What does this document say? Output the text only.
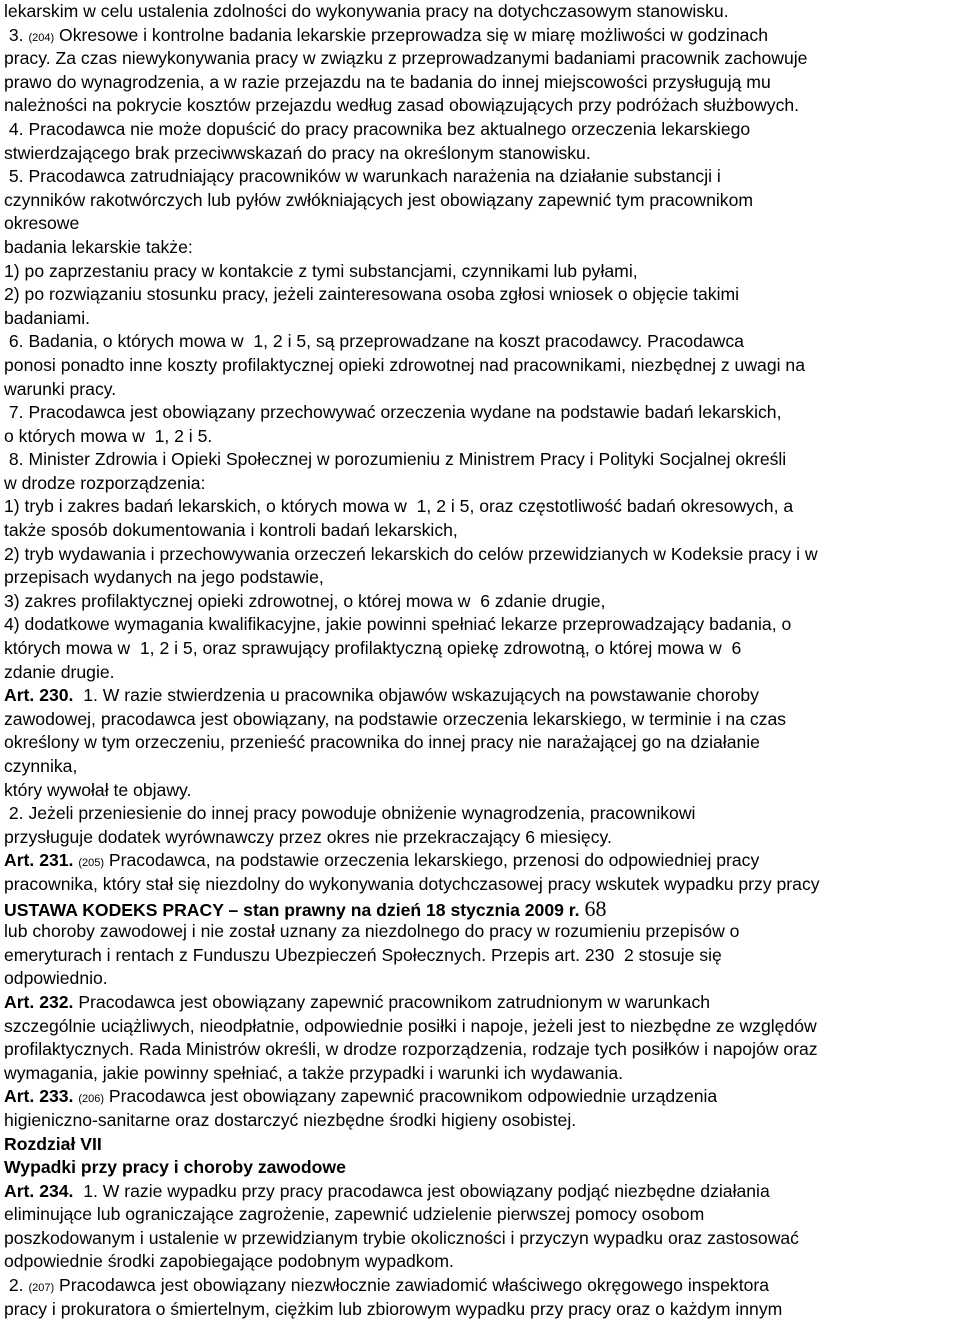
lekarskim w celu ustalenia zdolności do wykonywania pracy na dotychczasowym stanowisku.
3. (204) Okresowe i kontrolne badania lekarskie przeprowadza się w miarę możliwości w godzinach
pracy. Za czas niewykonywania pracy w związku z przeprowadzanymi badaniami pracownik zachowuje
prawo do wynagrodzenia, a w razie przejazdu na te badania do innej miejscowości przysługują mu
należności na pokrycie kosztów przejazdu według zasad obowiązujących przy podróżach służbowych.
4. Pracodawca nie może dopuścić do pracy pracownika bez aktualnego orzeczenia lekarskiego
stwierdzającego brak przeciwwskazań do pracy na określonym stanowisku.
5. Pracodawca zatrudniający pracowników w warunkach narażenia na działanie substancji i
czynników rakotwórczych lub pyłów zwłókniających jest obowiązany zapewnić tym pracownikom
okresowe
badania lekarskie także:
1) po zaprzestaniu pracy w kontakcie z tymi substancjami, czynnikami lub pyłami,
2) po rozwiązaniu stosunku pracy, jeżeli zainteresowana osoba zgłosi wniosek o objęcie takimi
badaniami.
6. Badania, o których mowa w  1, 2 i 5, są przeprowadzane na koszt pracodawcy. Pracodawca
ponosi ponadto inne koszty profilaktycznej opieki zdrowotnej nad pracownikami, niezbędnej z uwagi na
warunki pracy.
7. Pracodawca jest obowiązany przechowywać orzeczenia wydane na podstawie badań lekarskich,
o których mowa w  1, 2 i 5.
8. Minister Zdrowia i Opieki Społecznej w porozumieniu z Ministrem Pracy i Polityki Socjalnej określi
w drodze rozporządzenia:
1) tryb i zakres badań lekarskich, o których mowa w  1, 2 i 5, oraz częstotliwość badań okresowych, a
także sposób dokumentowania i kontroli badań lekarskich,
2) tryb wydawania i przechowywania orzeczeń lekarskich do celów przewidzianych w Kodeksie pracy i w
przepisach wydanych na jego podstawie,
3) zakres profilaktycznej opieki zdrowotnej, o której mowa w  6 zdanie drugie,
4) dodatkowe wymagania kwalifikacyjne, jakie powinni spełniać lekarze przeprowadzający badania, o
których mowa w  1, 2 i 5, oraz sprawujący profilaktyczną opiekę zdrowotną, o której mowa w  6
zdanie drugie.
Art. 230.  1. W razie stwierdzenia u pracownika objawów wskazujących na powstawanie choroby
zawodowej, pracodawca jest obowiązany, na podstawie orzeczenia lekarskiego, w terminie i na czas
określony w tym orzeczeniu, przenieść pracownika do innej pracy nie narażającej go na działanie
czynnika,
który wywołał te objawy.
2. Jeżeli przeniesienie do innej pracy powoduje obniżenie wynagrodzenia, pracownikowi
przysługuje dodatek wyrównawczy przez okres nie przekraczający 6 miesięcy.
Art. 231. (205) Pracodawca, na podstawie orzeczenia lekarskiego, przenosi do odpowiedniej pracy
pracownika, który stał się niezdolny do wykonywania dotychczasowej pracy wskutek wypadku przy pracy
USTAWA KODEKS PRACY – stan prawny na dzień 18 stycznia 2009 r. 68
lub choroby zawodowej i nie został uznany za niezdolnego do pracy w rozumieniu przepisów o
emeryturach i rentach z Funduszu Ubezpieczeń Społecznych. Przepis art. 230  2 stosuje się
odpowiednio.
Art. 232. Pracodawca jest obowiązany zapewnić pracownikom zatrudnionym w warunkach
szczególnie uciążliwych, nieodpłatnie, odpowiednie posiłki i napoje, jeżeli jest to niezbędne ze względów
profilaktycznych. Rada Ministrów określi, w drodze rozporządzenia, rodzaje tych posiłków i napojów oraz
wymagania, jakie powinny spełniać, a także przypadki i warunki ich wydawania.
Art. 233. (206) Pracodawca jest obowiązany zapewnić pracownikom odpowiednie urządzenia
higieniczno-sanitarne oraz dostarczyć niezbędne środki higieny osobistej.
Rozdział VII
Wypadki przy pracy i choroby zawodowe
Art. 234.  1. W razie wypadku przy pracy pracodawca jest obowiązany podjąć niezbędne działania
eliminujące lub ograniczające zagrożenie, zapewnić udzielenie pierwszej pomocy osobom
poszkodowanym i ustalenie w przewidzianym trybie okoliczności i przyczyn wypadku oraz zastosować
odpowiednie środki zapobiegające podobnym wypadkom.
2. (207) Pracodawca jest obowiązany niezwłocznie zawiadomić właściwego okręgowego inspektora
pracy i prokuratora o śmiertelnym, ciężkim lub zbiorowym wypadku przy pracy oraz o każdym innym
